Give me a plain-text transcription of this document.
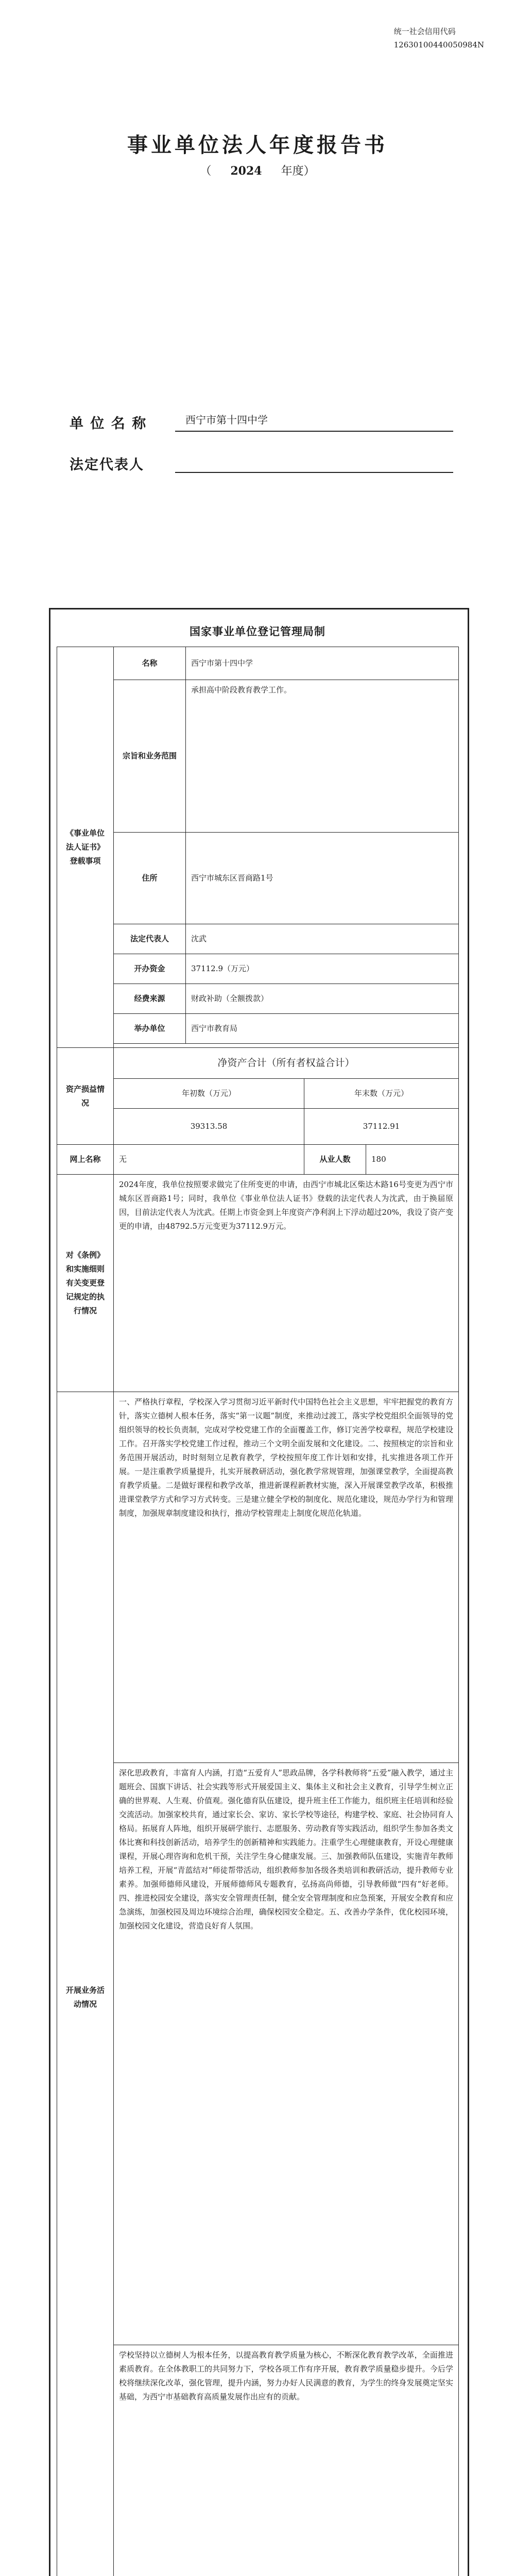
统一社会信用代码
12630100440050984N
事业单位法人年度报告书
（ 2024 年度）
单 位 名 称	西宁市第十四中学
法定代表人
国家事业单位登记管理局制
《事业单位法人证书》登载事项	名称	西宁市第十四中学		
	宗旨和业务范围	承担高中阶段教育教学工作。		
	住所	西宁市城东区晋商路1号		
	法定代表人	沈武		
	开办资金	37112.9（万元）		
	经费来源	财政补助（全额拨款）		
	举办单位	西宁市教育局		

资产损益情况	净资产合计（所有者权益合计）			
	年初数（万元）		年末数（万元）	
	39313.58		37112.91	
网上名称	无		从业人数	180
对《条例》和实施细则有关变更登记规定的执行情况	2024年度，我单位按照要求做完了住所变更的申请，由西宁市城北区柴达木路16号变更为西宁市城东区晋商路1号；同时，我单位《事业单位法人证书》登载的法定代表人为沈武，由于换届原因，目前法定代表人为沈武。任期上市资金到上年度资产净利润上下浮动超过20%，我设了资产变更的申请，由48792.5万元变更为37112.9万元。			
开展业务活动情况	一、严格执行章程，学校深入学习贯彻习近平新时代中国特色社会主义思想，牢牢把握党的教育方针，落实立德树人根本任务，落实“第一议题”制度，来推动过渡工，落实学校党组织全面领导的党组织领导的校长负责制，完成对学校党建工作的全面覆盖工作，修订完善学校章程，规范学校建设工作。召开落实学校党建工作过程，推动三个文明全面发展和文化建设。二、按照核定的宗旨和业务范围开展活动，时时刻刻立足教育教学，学校按照年度工作计划和安排，扎实推进各项工作开展。一是注重教学质量提升，扎实开展教研活动，强化教学常规管理，加强课堂教学，全面提高教育教学质量。二是做好课程和教学改革，推进新课程新教材实施，深入开展课堂教学改革，积极推进课堂教学方式和学习方式转变。三是建立健全学校的制度化、规范化建设，规范办学行为和管理制度，加强规章制度建设和执行，推动学校管理走上制度化规范化轨道。			
	深化思政教育，丰富育人内涵，打造“五爱育人”思政品牌，各学科教师将“五爱”融入教学，通过主题班会、国旗下讲话、社会实践等形式开展爱国主义、集体主义和社会主义教育，引导学生树立正确的世界观、人生观、价值观。强化德育队伍建设，提升班主任工作能力，组织班主任培训和经验交流活动。加强家校共育，通过家长会、家访、家长学校等途径，构建学校、家庭、社会协同育人格局。拓展育人阵地，组织开展研学旅行、志愿服务、劳动教育等实践活动，组织学生参加各类文体比赛和科技创新活动，培养学生的创新精神和实践能力。注重学生心理健康教育，开设心理健康课程，开展心理咨询和危机干预，关注学生身心健康发展。三、加强教师队伍建设，实施青年教师培养工程，开展“青蓝结对”师徒帮带活动，组织教师参加各级各类培训和教研活动，提升教师专业素养。加强师德师风建设，开展师德师风专题教育，弘扬高尚师德，引导教师做“四有”好老师。四、推进校园安全建设，落实安全管理责任制，健全安全管理制度和应急预案，开展安全教育和应急演练，加强校园及周边环境综合治理，确保校园安全稳定。五、改善办学条件，优化校园环境，加强校园文化建设，营造良好育人氛围。			
	学校坚持以立德树人为根本任务，以提高教育教学质量为核心，不断深化教育教学改革，全面推进素质教育。在全体教职工的共同努力下，学校各项工作有序开展，教育教学质量稳步提升。今后学校将继续深化改革，强化管理，提升内涵，努力办好人民满意的教育，为学生的终身发展奠定坚实基础，为西宁市基础教育高质量发展作出应有的贡献。			
